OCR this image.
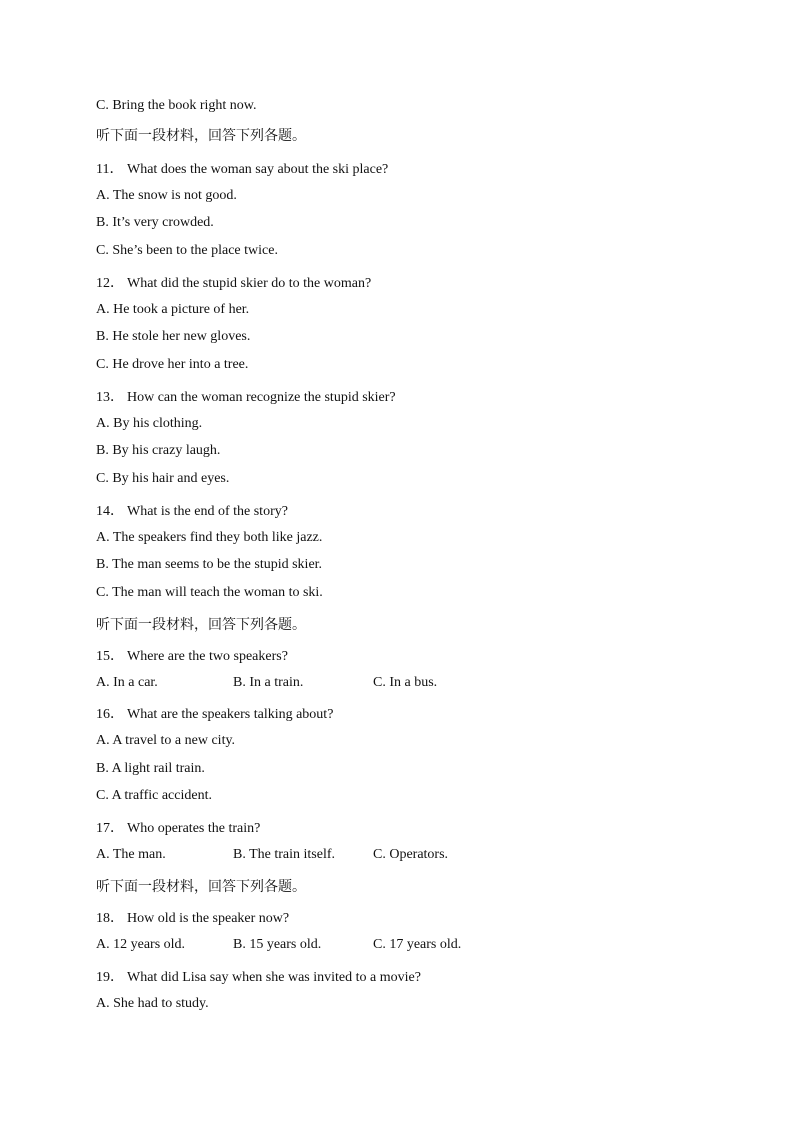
C. Bring the book right now.
听下面一段材料，回答下列各题。
11． What does the woman say about the ski place?
A. The snow is not good.
B. It’s very crowded.
C. She’s been to the place twice.
12． What did the stupid skier do to the woman?
A. He took a picture of her.
B. He stole her new gloves.
C. He drove her into a tree.
13． How can the woman recognize the stupid skier?
A. By his clothing.
B. By his crazy laugh.
C. By his hair and eyes.
14． What is the end of the story?
A. The speakers find they both like jazz.
B. The man seems to be the stupid skier.
C. The man will teach the woman to ski.
听下面一段材料，回答下列各题。
15． Where are the two speakers?
A. In a car.	B. In a train.	C. In a bus.
16． What are the speakers talking about?
A. A travel to a new city.
B. A light rail train.
C. A traffic accident.
17． Who operates the train?
A. The man.	B. The train itself.	C. Operators.
听下面一段材料，回答下列各题。
18． How old is the speaker now?
A. 12 years old.	B. 15 years old.	C. 17 years old.
19． What did Lisa say when she was invited to a movie?
A. She had to study.
